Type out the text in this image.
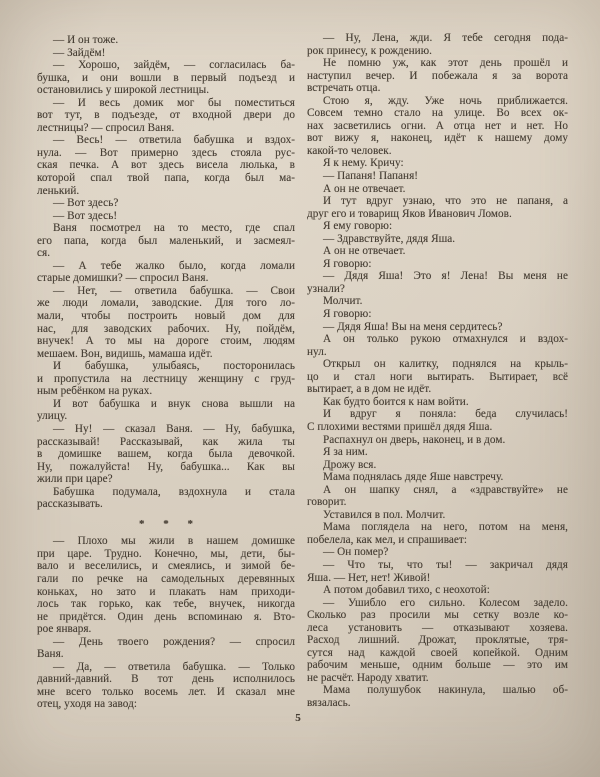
— И он тоже.
— Зайдём!
— Хорошо, зайдём, — согласилась ба-
бушка, и они вошли в первый подъезд и
остановились у широкой лестницы.
— И весь домик мог бы поместиться
вот тут, в подъезде, от входной двери до
лестницы? — спросил Ваня.
— Весь! — ответила бабушка и вздох-
нула. — Вот примерно здесь стояла рус-
ская печка. А вот здесь висела люлька, в
которой спал твой папа, когда был ма-
ленький.
— Вот здесь?
— Вот здесь!
Ваня посмотрел на то место, где спал
его папа, когда был маленький, и засмеял-
ся.
— А тебе жалко было, когда ломали
старые домишки? — спросил Ваня.
— Нет, — ответила бабушка. — Свои
же люди ломали, заводские. Для того ло-
мали, чтобы построить новый дом для
нас, для заводских рабочих. Ну, пойдём,
внучек! А то мы на дороге стоим, людям
мешаем. Вон, видишь, мамаша идёт.
И бабушка, улыбаясь, посторонилась
и пропустила на лестницу женщину с груд-
ным ребёнком на руках.
И вот бабушка и внук снова вышли на
улицу.
— Ну! — сказал Ваня. — Ну, бабушка,
рассказывай! Рассказывай, как жила ты
в домишке вашем, когда была девочкой.
Ну, пожалуйста! Ну, бабушка... Как вы
жили при царе?
Бабушка подумала, вздохнула и стала
рассказывать.
* * *
— Плохо мы жили в нашем домишке
при царе. Трудно. Конечно, мы, дети, бы-
вало и веселились, и смеялись, и зимой бе-
гали по речке на самодельных деревянных
коньках, но зато и плакать нам приходи-
лось так горько, как тебе, внучек, никогда
не придётся. Один день вспоминаю я. Вто-
рое января.
— День твоего рождения? — спросил
Ваня.
— Да, — ответила бабушка. — Только
давний-давний. В тот день исполнилось
мне всего только восемь лет. И сказал мне
отец, уходя на завод:
— Ну, Лена, жди. Я тебе сегодня пода-
рок принесу, к рождению.
Не помню уж, как этот день прошёл и
наступил вечер. И побежала я за ворота
встречать отца.
Стою я, жду. Уже ночь приближается.
Совсем темно стало на улице. Во всех ок-
нах засветились огни. А отца нет и нет. Но
вот вижу я, наконец, идёт к нашему дому
какой-то человек.
Я к нему. Кричу:
— Папаня! Папаня!
А он не отвечает.
И тут вдруг узнаю, что это не папаня, а
друг его и товарищ Яков Иванович Ломов.
Я ему говорю:
— Здравствуйте, дядя Яша.
А он не отвечает.
Я говорю:
— Дядя Яша! Это я! Лена! Вы меня не
узнали?
Молчит.
Я говорю:
— Дядя Яша! Вы на меня сердитесь?
А он только рукою отмахнулся и вздох-
нул.
Открыл он калитку, поднялся на крыль-
цо и стал ноги вытирать. Вытирает, всё
вытирает, а в дом не идёт.
Как будто боится к нам войти.
И вдруг я поняла: беда случилась!
С плохими вестями пришёл дядя Яша.
Распахнул он дверь, наконец, и в дом.
Я за ним.
Дрожу вся.
Мама поднялась дяде Яше навстречу.
А он шапку снял, а «здравствуйте» не
говорит.
Уставился в пол. Молчит.
Мама поглядела на него, потом на меня,
побелела, как мел, и спрашивает:
— Он помер?
— Что ты, что ты! — закричал дядя
Яша. — Нет, нет! Живой!
А потом добавил тихо, с неохотой:
— Ушибло его сильно. Колесом задело.
Сколько раз просили мы сетку возле ко-
леса установить — отказывают хозяева.
Расход лишний. Дрожат, проклятые, тря-
сутся над каждой своей копейкой. Одним
рабочим меньше, одним больше — это им
не расчёт. Народу хватит.
Мама полушубок накинула, шалью об-
вязалась.
5
